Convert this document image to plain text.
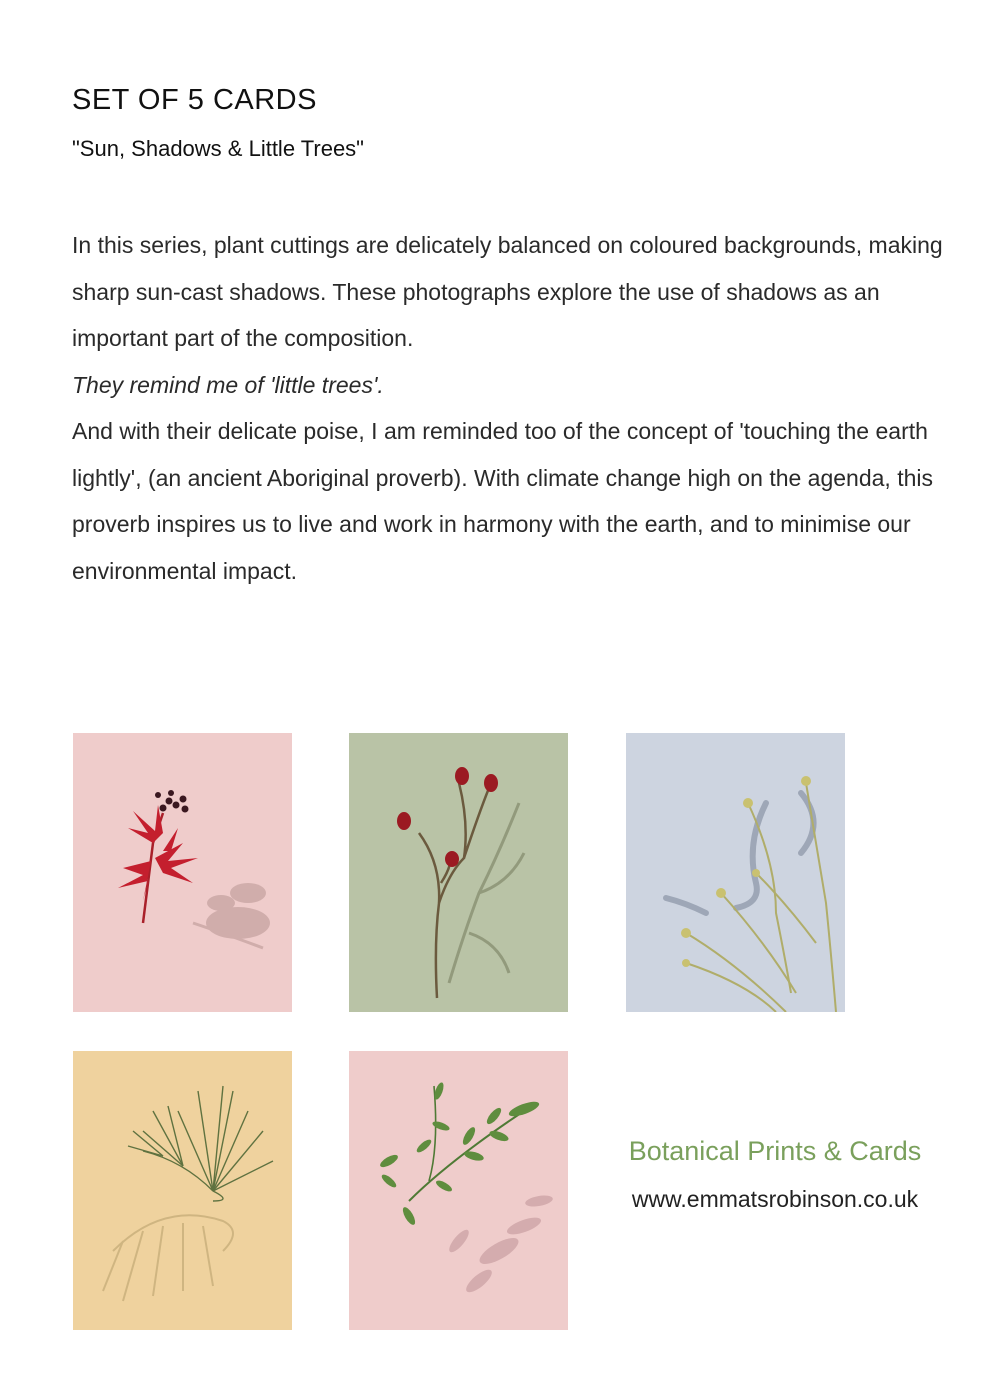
SET OF 5 CARDS

"Sun, Shadows & Little Trees"

In this series, plant cuttings are delicately balanced on coloured backgrounds, making sharp sun-cast shadows. These photographs explore the use of shadows as an important part of the composition.

They remind me of 'little trees'.

And with their delicate poise, I am reminded too of the concept of 'touching the earth lightly', (an ancient Aboriginal proverb). With climate change high on the agenda, this proverb inspires us to live and work in harmony with the earth, and to minimise our environmental impact.

Botanical Prints & Cards
www.emmatsrobinson.co.uk
